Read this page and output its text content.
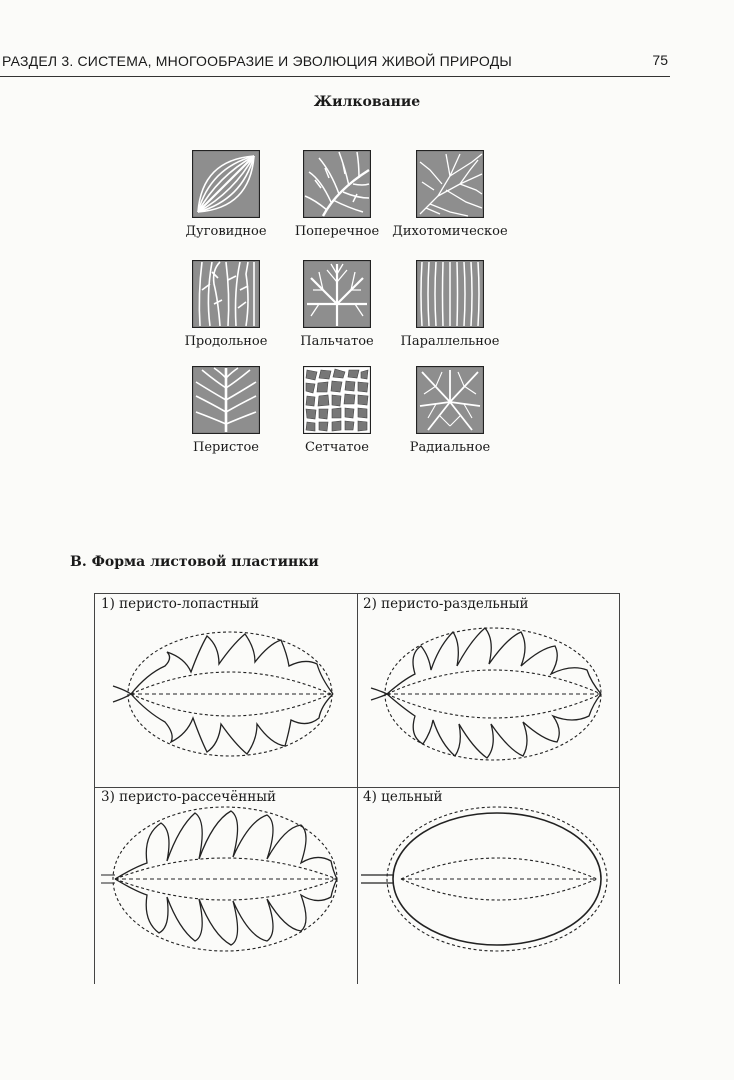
РАЗДЕЛ 3. СИСТЕМА, МНОГООБРАЗИЕ И ЭВОЛЮЦИЯ ЖИВОЙ ПРИРОДЫ	75
Жилкование
Дуговидное	Поперечное	Дихотомическое
Продольное	Пальчатое	Параллельное
Перистое	Сетчатое	Радиальное
В. Форма листовой пластинки
1) перисто-лопастный	2) перисто-раздельный
3) перисто-рассечённый	4) цельный
